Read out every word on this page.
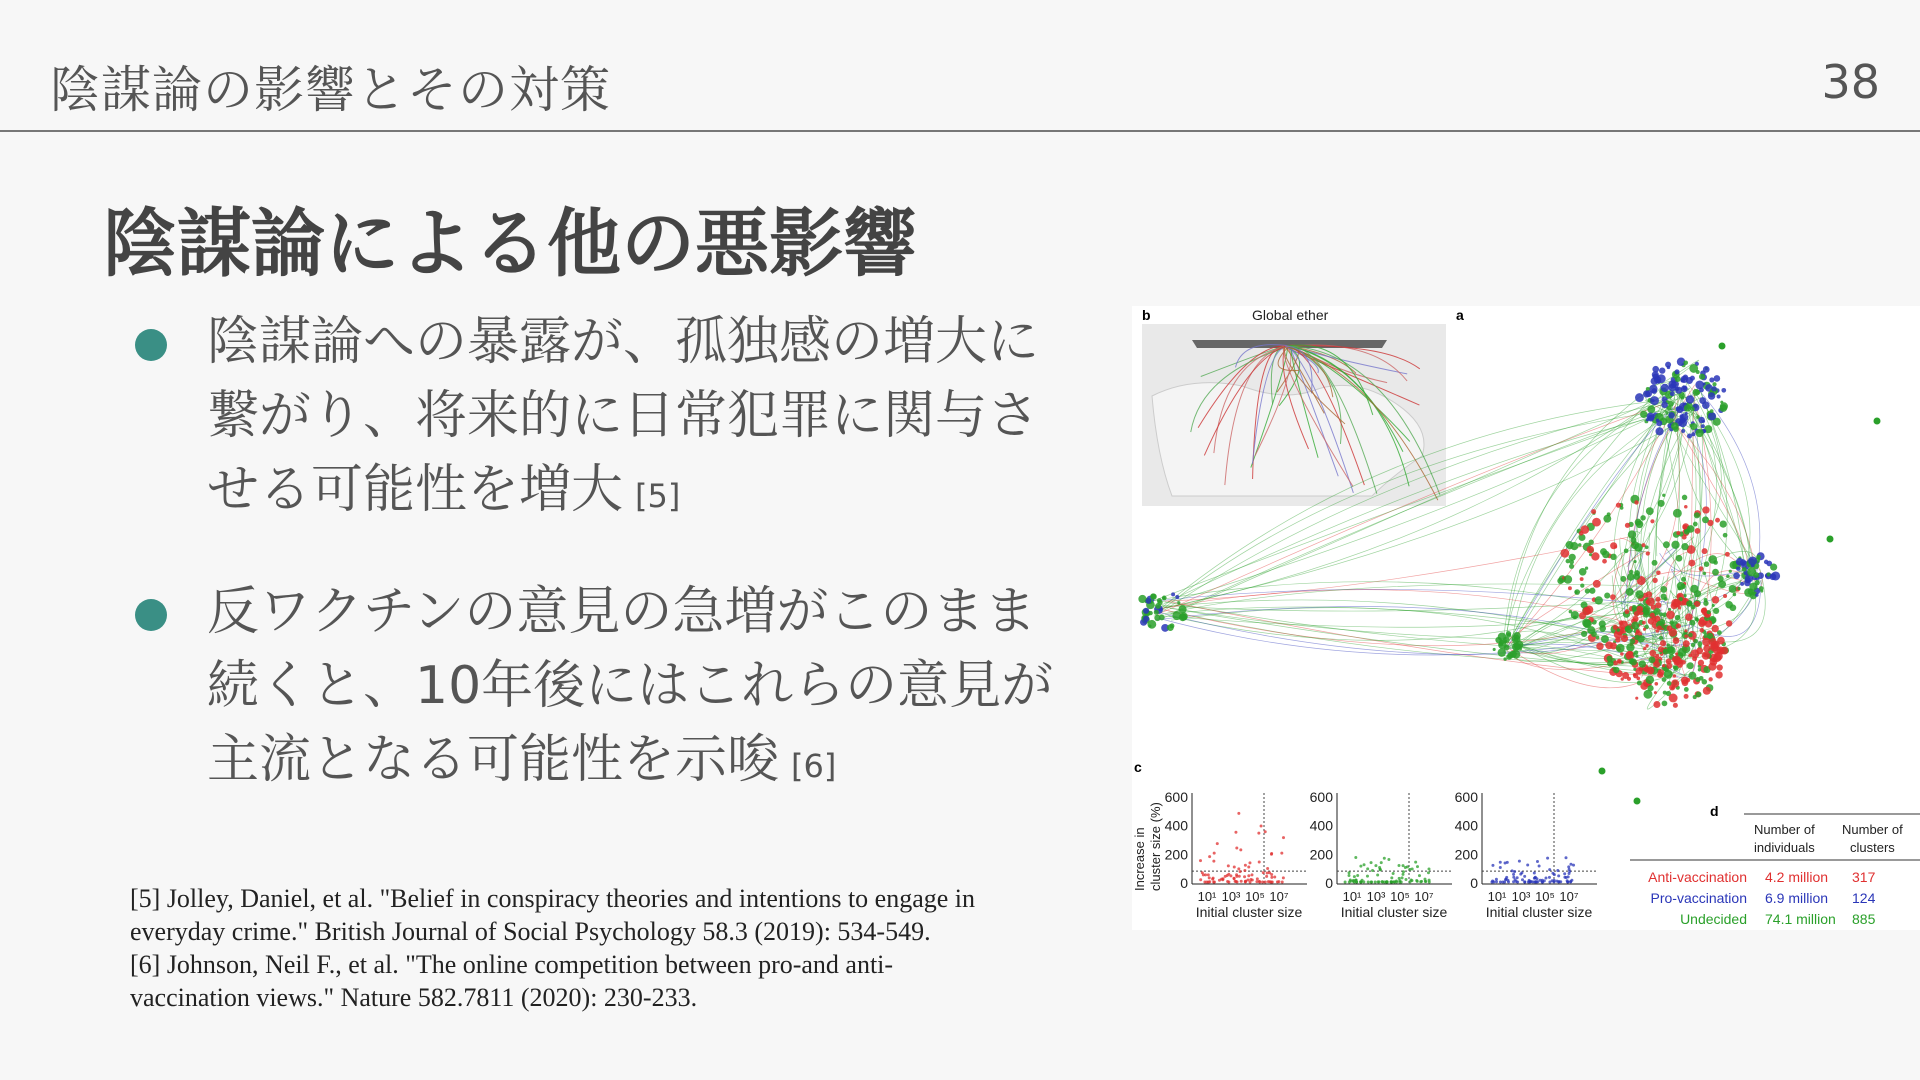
陰謀論の影響とその対策	38
陰謀論による他の悪影響
陰謀論への暴露が、孤独感の増大に
繋がり、将来的に日常犯罪に関与さ
せる可能性を増大 [5]
反ワクチンの意見の急増がこのまま
続くと、10年後にはこれらの意見が
主流となる可能性を示唆 [6]
[5] Jolley, Daniel, et al. "Belief in conspiracy theories and intentions to engage in
everyday crime." British Journal of Social Psychology 58.3 (2019): 534-549.
[6] Johnson, Neil F., et al. "The online competition between pro-and anti-
vaccination views." Nature 582.7811 (2020): 230-233.
b	Global ether	a
c
Increase in cluster size (%)
600
400
200
0
10¹ 10³ 10⁵ 10⁷
Initial cluster size
600
400
200
0
10¹ 10³ 10⁵ 10⁷
Initial cluster size
600
400
200
0
10¹ 10³ 10⁵ 10⁷
Initial cluster size
d
Number of
individuals
Number of
clusters
Anti-vaccination 4.2 million 317
Pro-vaccination 6.9 million 124
Undecided 74.1 million 885
